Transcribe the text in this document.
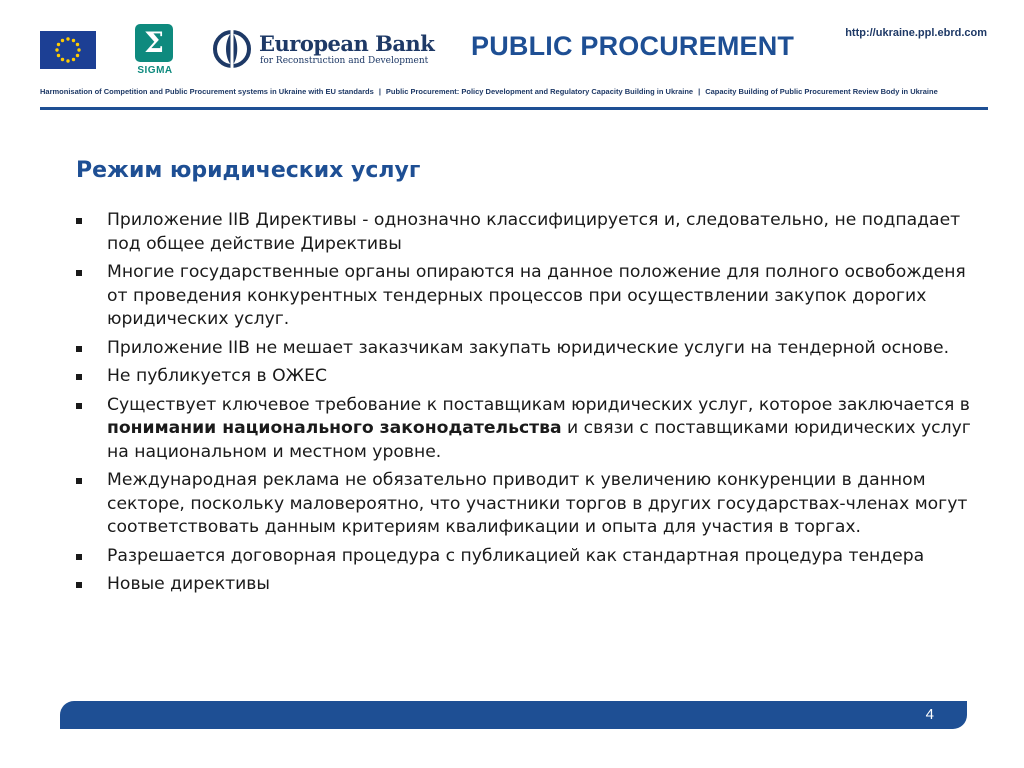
Σ
SIGMA
European Bank
for Reconstruction and Development PUBLIC PROCUREMENT	http://ukraine.ppl.ebrd.com
Harmonisation of Competition and Public Procurement systems in Ukraine with EU standards | Public Procurement: Policy Development and Regulatory Capacity Building in Ukraine | Capacity Building of Public Procurement Review Body in Ukraine
Режим юридических услуг
Приложение IIB Директивы - однозначно классифицируется и, следовательно, не подпадает под общее действие Директивы
Многие государственные органы опираются на данное положение для полного освобожденя от проведения конкурентных тендерных процессов при осуществлении закупок дорогих юридических услуг.
Приложение IIB не мешает заказчикам закупать юридические услуги на тендерной основе.
Не публикуется в ОЖЕС
Существует ключевое требование к поставщикам юридических услуг, которое заключается в понимании национального законодательства и связи с поставщиками юридических услуг на национальном и местном уровне.
Международная реклама не обязательно приводит к увеличению конкуренции в данном секторе, поскольку маловероятно, что участники торгов в других государствах-членах могут соответствовать данным критериям квалификации и опыта для участия в торгах.
Разрешается договорная процедура с публикацией как стандартная процедура тендера
Новые директивы
4
